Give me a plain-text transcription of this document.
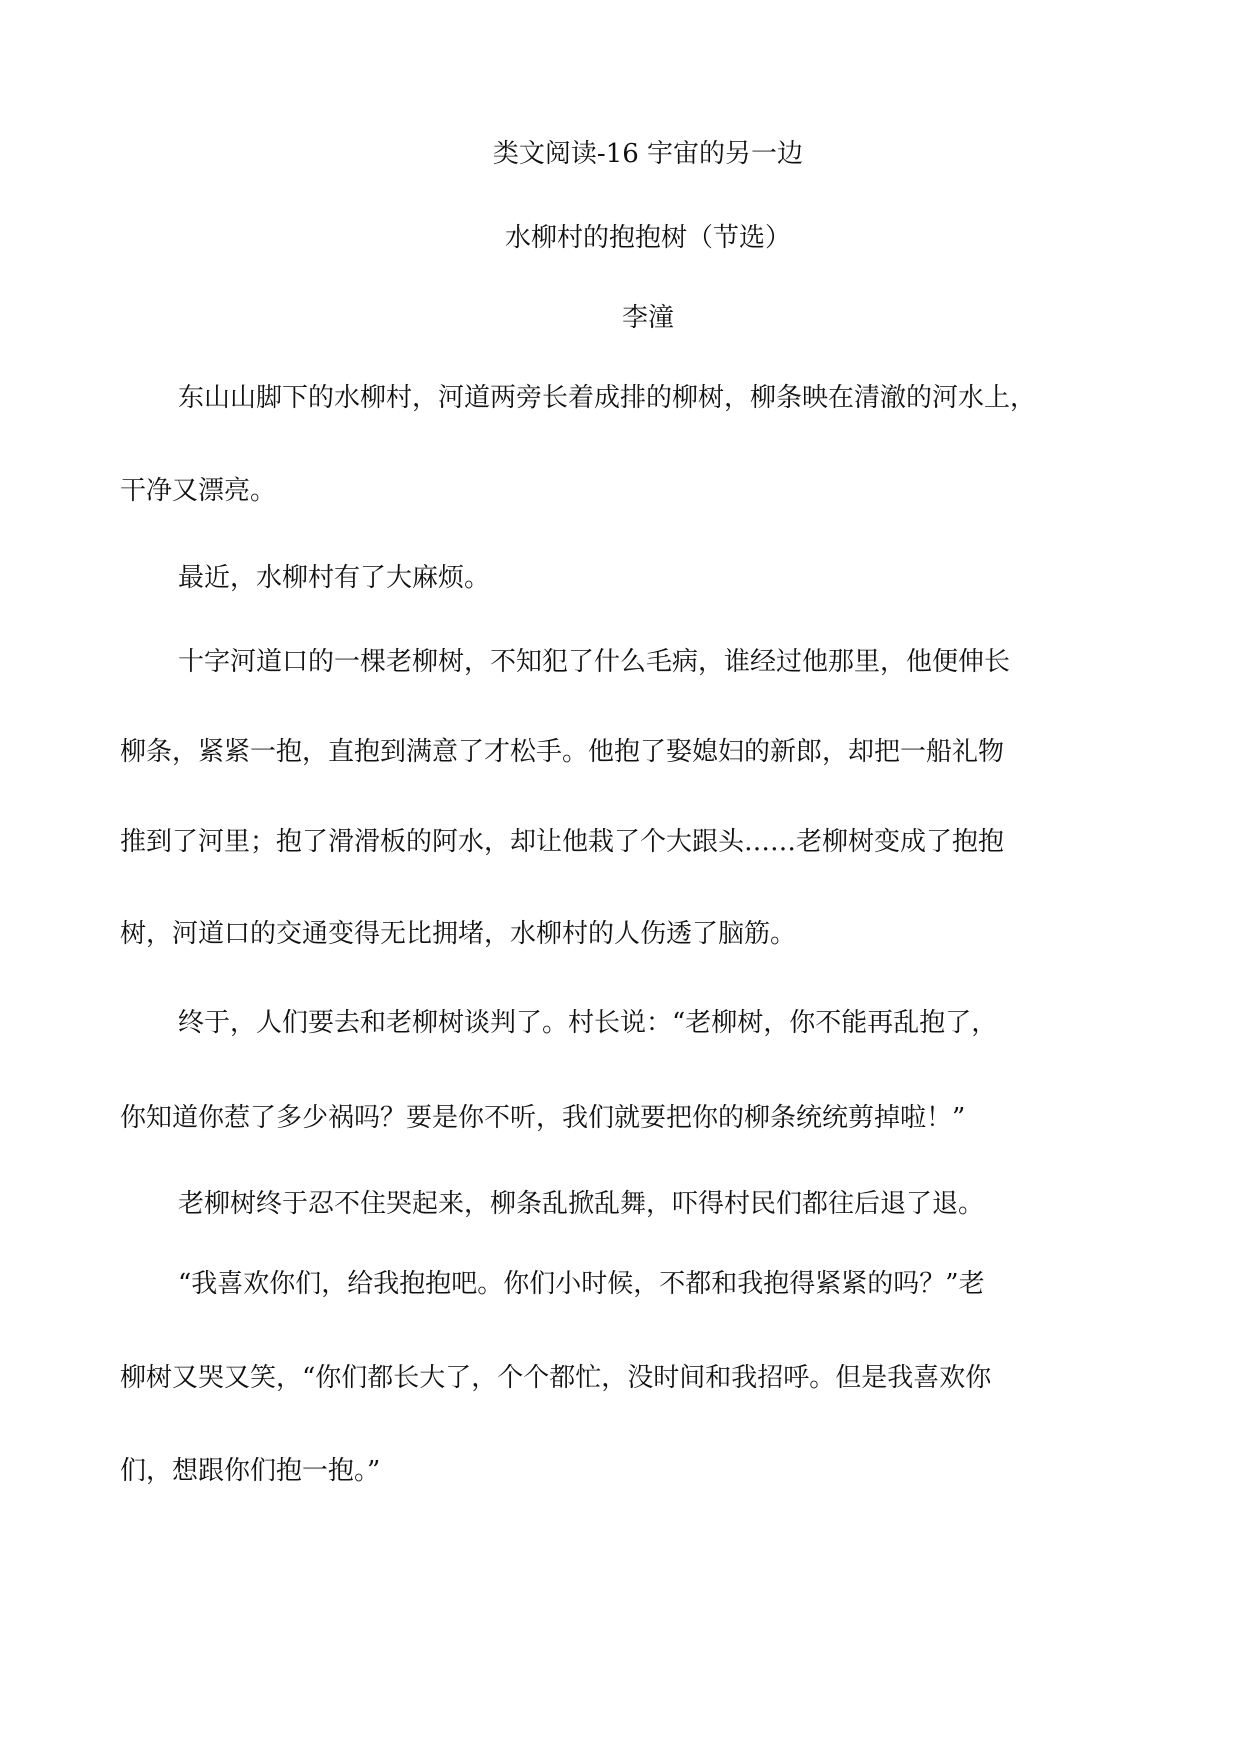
类文阅读-16 宇宙的另一边
水柳村的抱抱树（节选）
李潼
东山山脚下的水柳村，河道两旁长着成排的柳树，柳条映在清澈的河水上，
干净又漂亮。
最近，水柳村有了大麻烦。
十字河道口的一棵老柳树，不知犯了什么毛病，谁经过他那里，他便伸长
柳条，紧紧一抱，直抱到满意了才松手。他抱了娶媳妇的新郎，却把一船礼物
推到了河里；抱了滑滑板的阿水，却让他栽了个大跟头……老柳树变成了抱抱
树，河道口的交通变得无比拥堵，水柳村的人伤透了脑筋。
终于，人们要去和老柳树谈判了。村长说：“老柳树，你不能再乱抱了，
你知道你惹了多少祸吗？要是你不听，我们就要把你的柳条统统剪掉啦！”
老柳树终于忍不住哭起来，柳条乱掀乱舞，吓得村民们都往后退了退。
“我喜欢你们，给我抱抱吧。你们小时候，不都和我抱得紧紧的吗？”老
柳树又哭又笑，“你们都长大了，个个都忙，没时间和我招呼。但是我喜欢你
们，想跟你们抱一抱。”
